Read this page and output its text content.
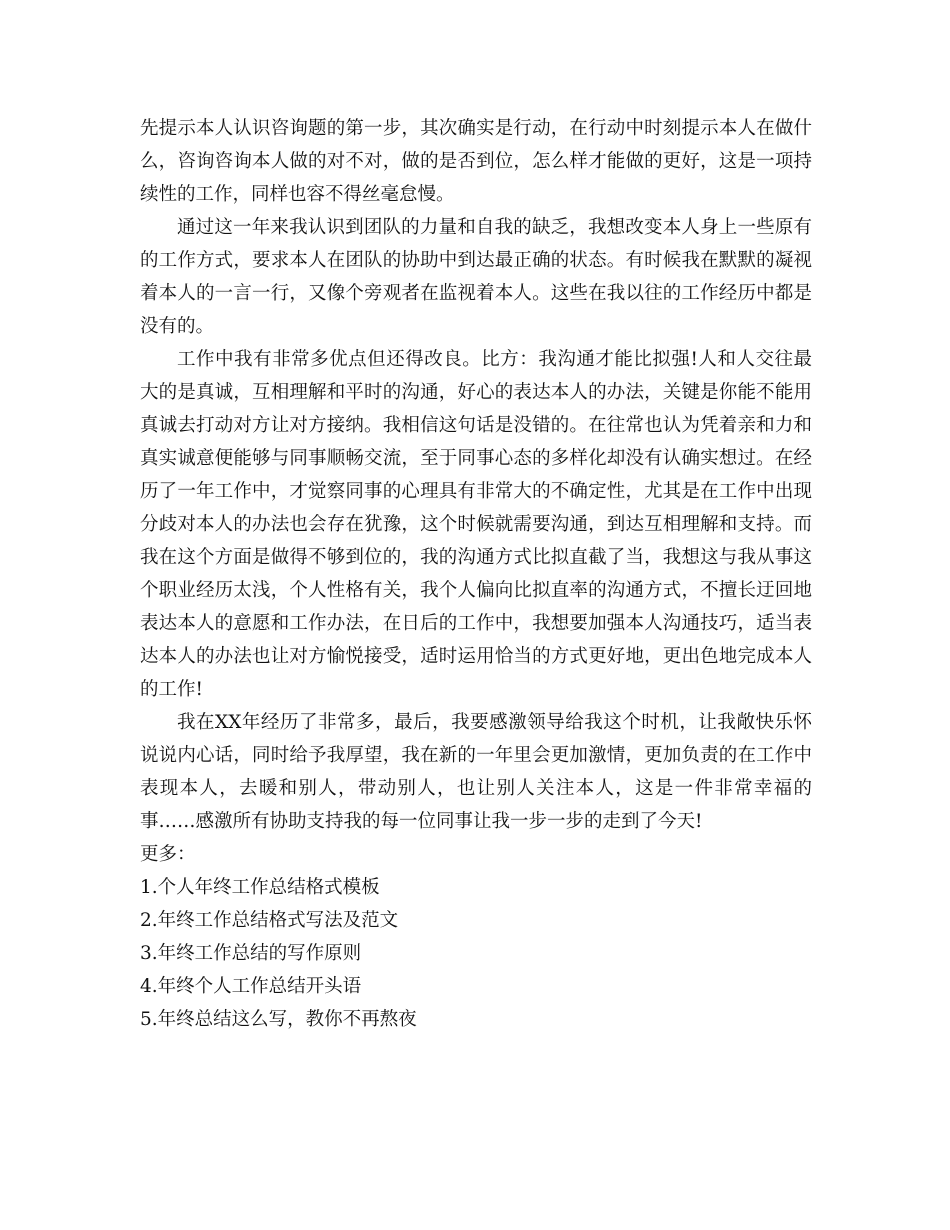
先提示本人认识咨询题的第一步，其次确实是行动，在行动中时刻提示本人在做什么，咨询咨询本人做的对不对，做的是否到位，怎么样才能做的更好，这是一项持续性的工作，同样也容不得丝毫怠慢。

通过这一年来我认识到团队的力量和自我的缺乏，我想改变本人身上一些原有的工作方式，要求本人在团队的协助中到达最正确的状态。有时候我在默默的凝视着本人的一言一行，又像个旁观者在监视着本人。这些在我以往的工作经历中都是没有的。

工作中我有非常多优点但还得改良。比方：我沟通才能比拟强!人和人交往最大的是真诚，互相理解和平时的沟通，好心的表达本人的办法，关键是你能不能用真诚去打动对方让对方接纳。我相信这句话是没错的。在往常也认为凭着亲和力和真实诚意便能够与同事顺畅交流，至于同事心态的多样化却没有认确实想过。在经历了一年工作中，才觉察同事的心理具有非常大的不确定性，尤其是在工作中出现分歧对本人的办法也会存在犹豫，这个时候就需要沟通，到达互相理解和支持。而我在这个方面是做得不够到位的，我的沟通方式比拟直截了当，我想这与我从事这个职业经历太浅，个人性格有关，我个人偏向比拟直率的沟通方式，不擅长迂回地表达本人的意愿和工作办法，在日后的工作中，我想要加强本人沟通技巧，适当表达本人的办法也让对方愉悦接受，适时运用恰当的方式更好地，更出色地完成本人的工作!

我在XX年经历了非常多，最后，我要感激领导给我这个时机，让我敞快乐怀说说内心话，同时给予我厚望，我在新的一年里会更加激情，更加负责的在工作中表现本人，去暖和别人，带动别人，也让别人关注本人，这是一件非常幸福的事……感激所有协助支持我的每一位同事让我一步一步的走到了今天!

更多：

1.个人年终工作总结格式模板
2.年终工作总结格式写法及范文
3.年终工作总结的写作原则
4.年终个人工作总结开头语
5.年终总结这么写，教你不再熬夜
